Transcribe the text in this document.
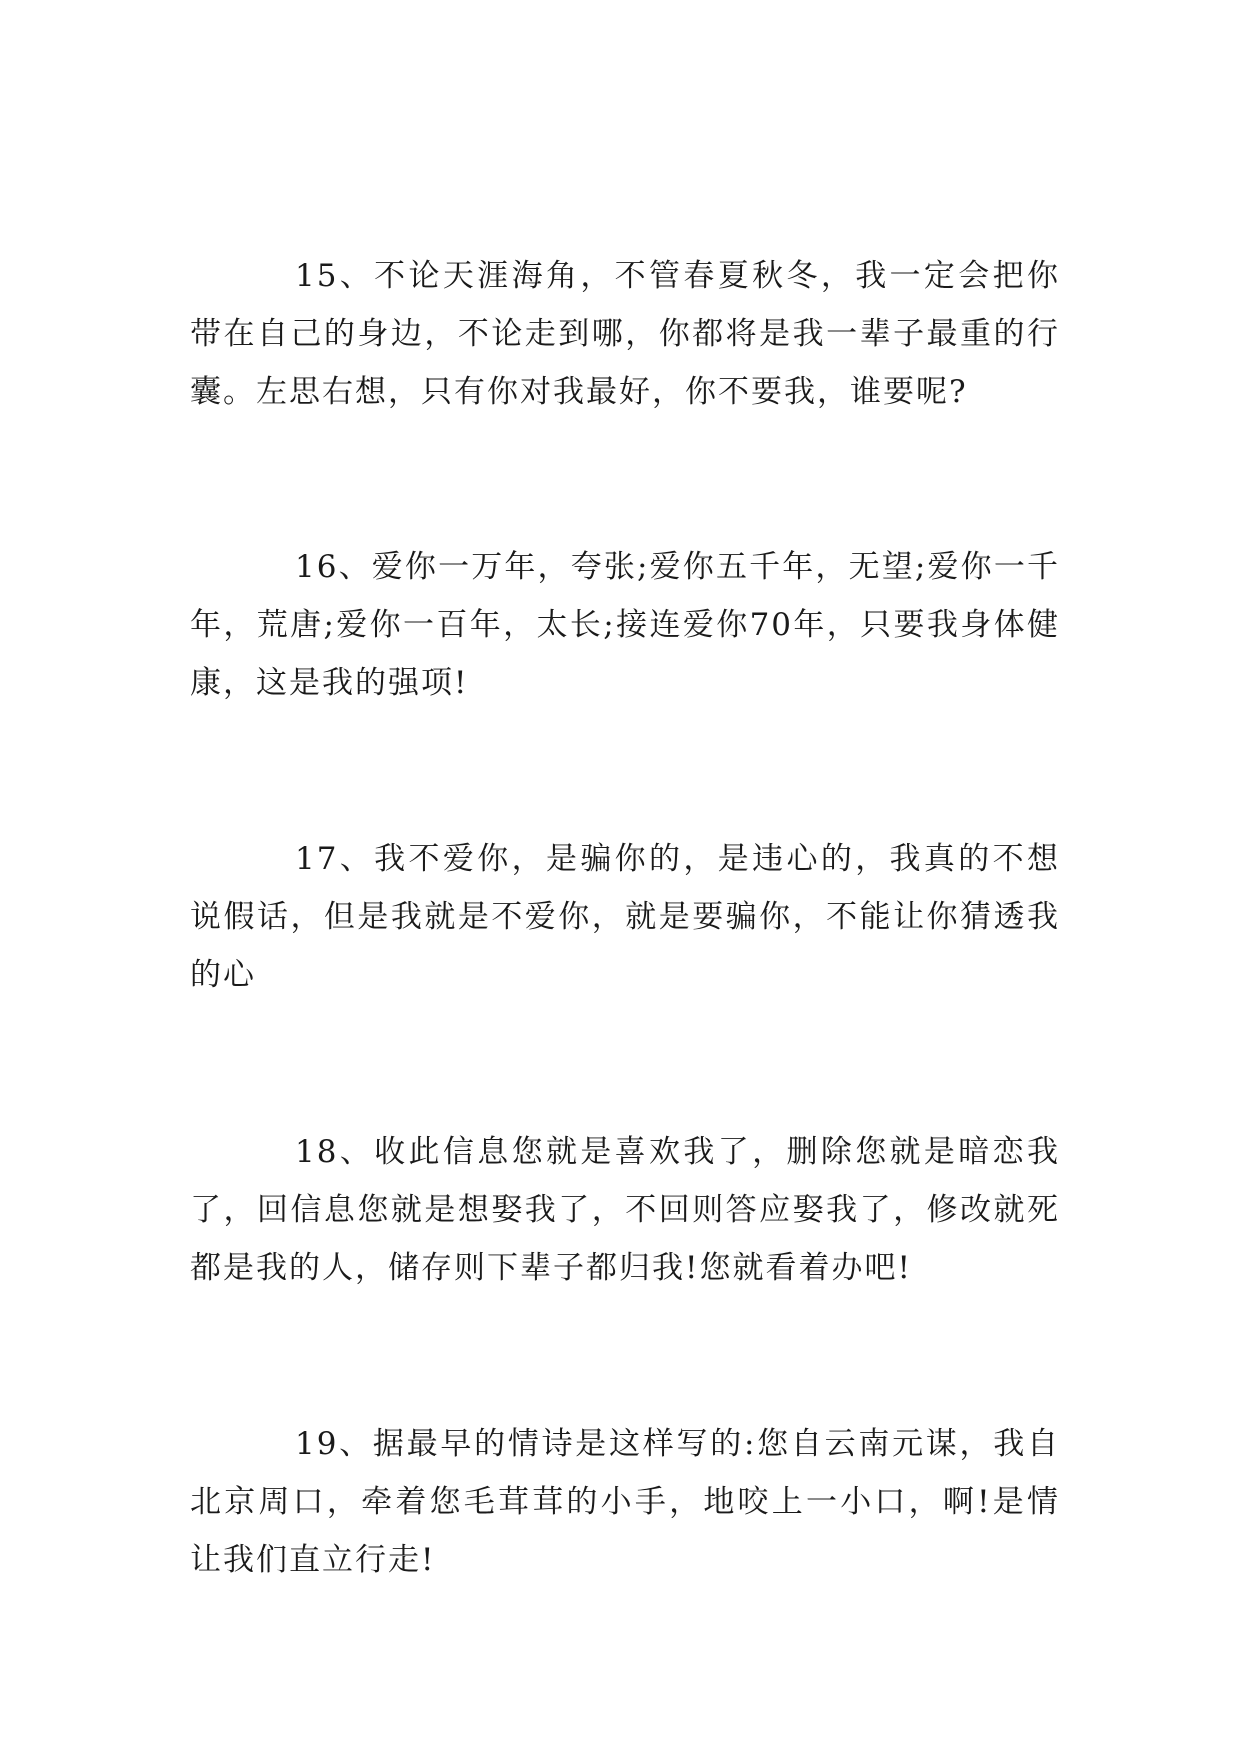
15、不论天涯海角，不管春夏秋冬，我一定会把你带在自己的身边，不论走到哪，你都将是我一辈子最重的行囊。左思右想，只有你对我最好，你不要我，谁要呢?

16、爱你一万年，夸张;爱你五千年，无望;爱你一千年，荒唐;爱你一百年，太长;接连爱你70年，只要我身体健康，这是我的强项!

17、我不爱你，是骗你的，是违心的，我真的不想说假话，但是我就是不爱你，就是要骗你，不能让你猜透我的心

18、收此信息您就是喜欢我了，删除您就是暗恋我了，回信息您就是想娶我了，不回则答应娶我了，修改就死都是我的人，储存则下辈子都归我!您就看着办吧!

19、据最早的情诗是这样写的:您自云南元谋，我自北京周口，牵着您毛茸茸的小手，地咬上一小口，啊!是情让我们直立行走!
